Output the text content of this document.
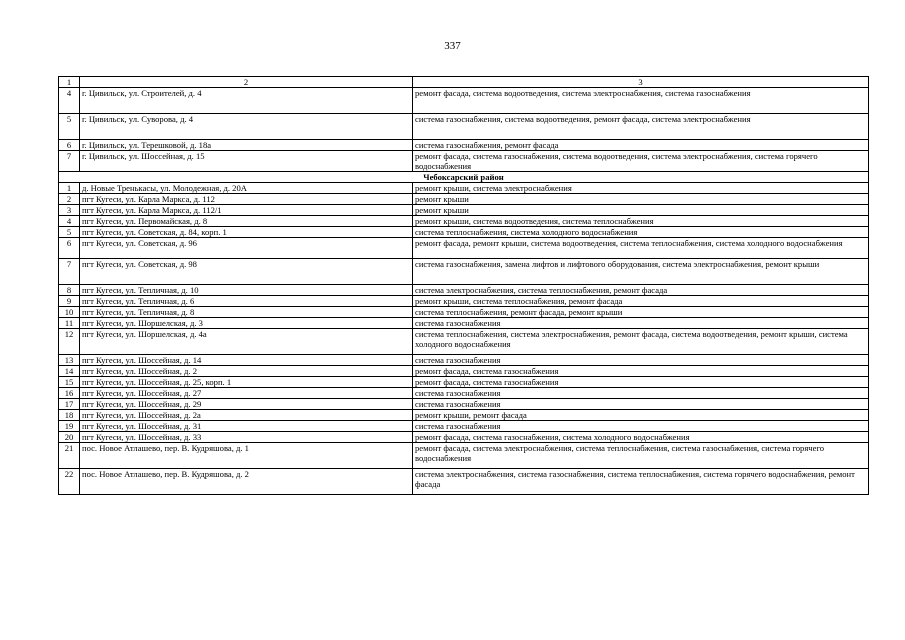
337
1	2	3
4	г. Цивильск, ул. Строителей, д. 4	ремонт фасада, система водоотведения, система электроснабжения, система газоснабжения
5	г. Цивильск, ул. Суворова, д. 4	система газоснабжения, система водоотведения, ремонт фасада, система электроснабжения
6	г. Цивильск, ул. Терешковой, д. 18а	система газоснабжения, ремонт фасада
7	г. Цивильск, ул. Шоссейная, д. 15	ремонт фасада, система газоснабжения, система водоотведения, система электроснабжения, система горячего водоснабжения
Чебоксарский район		
1	д. Новые Тренькасы, ул. Молодежная, д. 20А	ремонт крыши, система электроснабжения
2	пгт Кугеси, ул. Карла Маркса, д. 112	ремонт крыши
3	пгт Кугеси, ул. Карла Маркса, д. 112/1	ремонт крыши
4	пгт Кугеси, ул. Первомайская, д. 8	ремонт крыши, система водоотведения, система теплоснабжения
5	пгт Кугеси, ул. Советская, д. 84, корп. 1	система теплоснабжения, система холодного водоснабжения
6	пгт Кугеси, ул. Советская, д. 96	ремонт фасада, ремонт крыши, система водоотведения, система теплоснабжения, система холодного водоснабжения
7	пгт Кугеси, ул. Советская, д. 98	система газоснабжения, замена лифтов и лифтового оборудования, система электроснабжения, ремонт крыши
8	пгт Кугеси, ул. Тепличная, д. 10	система электроснабжения, система теплоснабжения, ремонт фасада
9	пгт Кугеси, ул. Тепличная, д. 6	ремонт крыши, система теплоснабжения, ремонт фасада
10	пгт Кугеси, ул. Тепличная, д. 8	система теплоснабжения, ремонт фасада, ремонт крыши
11	пгт Кугеси, ул. Шоршелская, д. 3	система газоснабжения
12	пгт Кугеси, ул. Шоршелская, д. 4а	система теплоснабжения, система электроснабжения, ремонт фасада, система водоотведения, ремонт крыши, система холодного водоснабжения
13	пгт Кугеси, ул. Шоссейная, д. 14	система газоснабжения
14	пгт Кугеси, ул. Шоссейная, д. 2	ремонт фасада, система газоснабжения
15	пгт Кугеси, ул. Шоссейная, д. 25, корп. 1	ремонт фасада, система газоснабжения
16	пгт Кугеси, ул. Шоссейная, д. 27	система газоснабжения
17	пгт Кугеси, ул. Шоссейная, д. 29	система газоснабжения
18	пгт Кугеси, ул. Шоссейная, д. 2а	ремонт крыши, ремонт фасада
19	пгт Кугеси, ул. Шоссейная, д. 31	система газоснабжения
20	пгт Кугеси, ул. Шоссейная, д. 33	ремонт фасада, система газоснабжения, система холодного водоснабжения
21	пос. Новое Атлашево, пер. В. Кудряшова, д. 1	ремонт фасада, система электроснабжения, система теплоснабжения, система газоснабжения, система горячего водоснабжения
22	пос. Новое Атлашево, пер. В. Кудряшова, д. 2	система электроснабжения, система газоснабжения, система теплоснабжения, система горячего водоснабжения, ремонт фасада
